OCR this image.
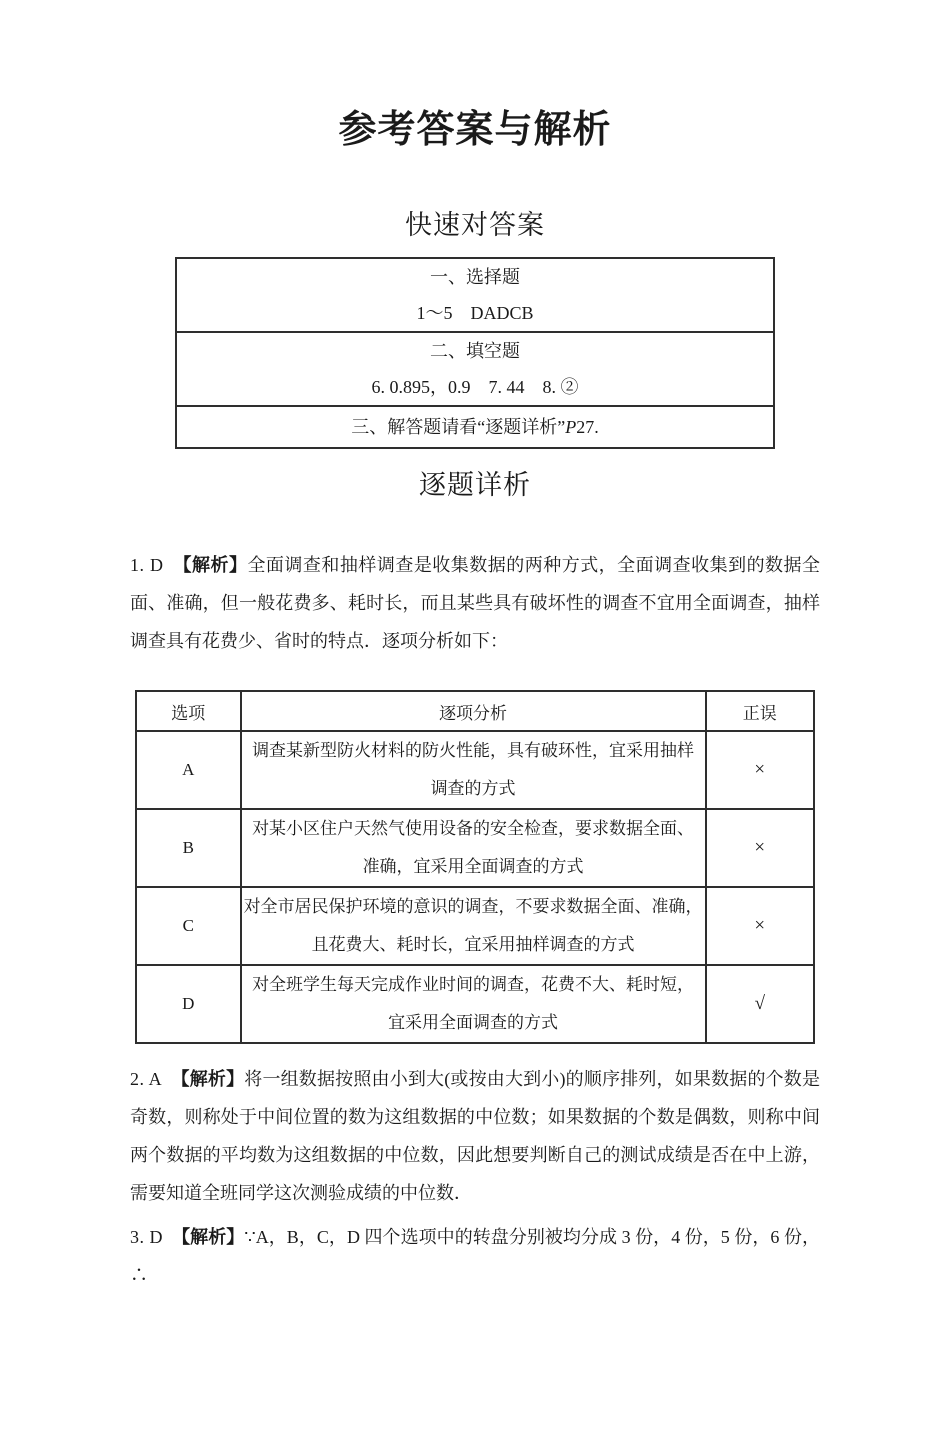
参考答案与解析
快速对答案
一、选择题
1～5　DADCB

二、填空题
6. 0.895，0.9　7. 44　8. ②

三、解答题请看“逐题详析”P27.
逐题详析

1. D　 【解析】全面调查和抽样调查是收集数据的两种方式，全面调查收集到的数据全面、准确，但一般花费多、耗时长，而且某些具有破坏性的调查不宜用全面调查，抽样调查具有花费少、省时的特点．逐项分析如下：

选项	逐项分析	正误
A	调查某新型防火材料的防火性能，具有破环性，宜采用抽样
调查的方式	×
B	对某小区住户天然气使用设备的安全检查，要求数据全面、
准确，宜采用全面调查的方式	×
C	对全市居民保护环境的意识的调查，不要求数据全面、准确，
且花费大、耗时长，宜采用抽样调查的方式	×
D	对全班学生每天完成作业时间的调查，花费不大、耗时短，
宜采用全面调查的方式	√

2. A　 【解析】将一组数据按照由小到大(或按由大到小)的顺序排列，如果数据的个数是奇数，则称处于中间位置的数为这组数据的中位数；如果数据的个数是偶数，则称中间两个数据的平均数为这组数据的中位数，因此想要判断自己的测试成绩是否在中上游，需要知道全班同学这次测验成绩的中位数．

3. D　 【解析】∵A，B，C，D 四个选项中的转盘分别被均分成 3 份，4 份，5 份，6 份，∴
